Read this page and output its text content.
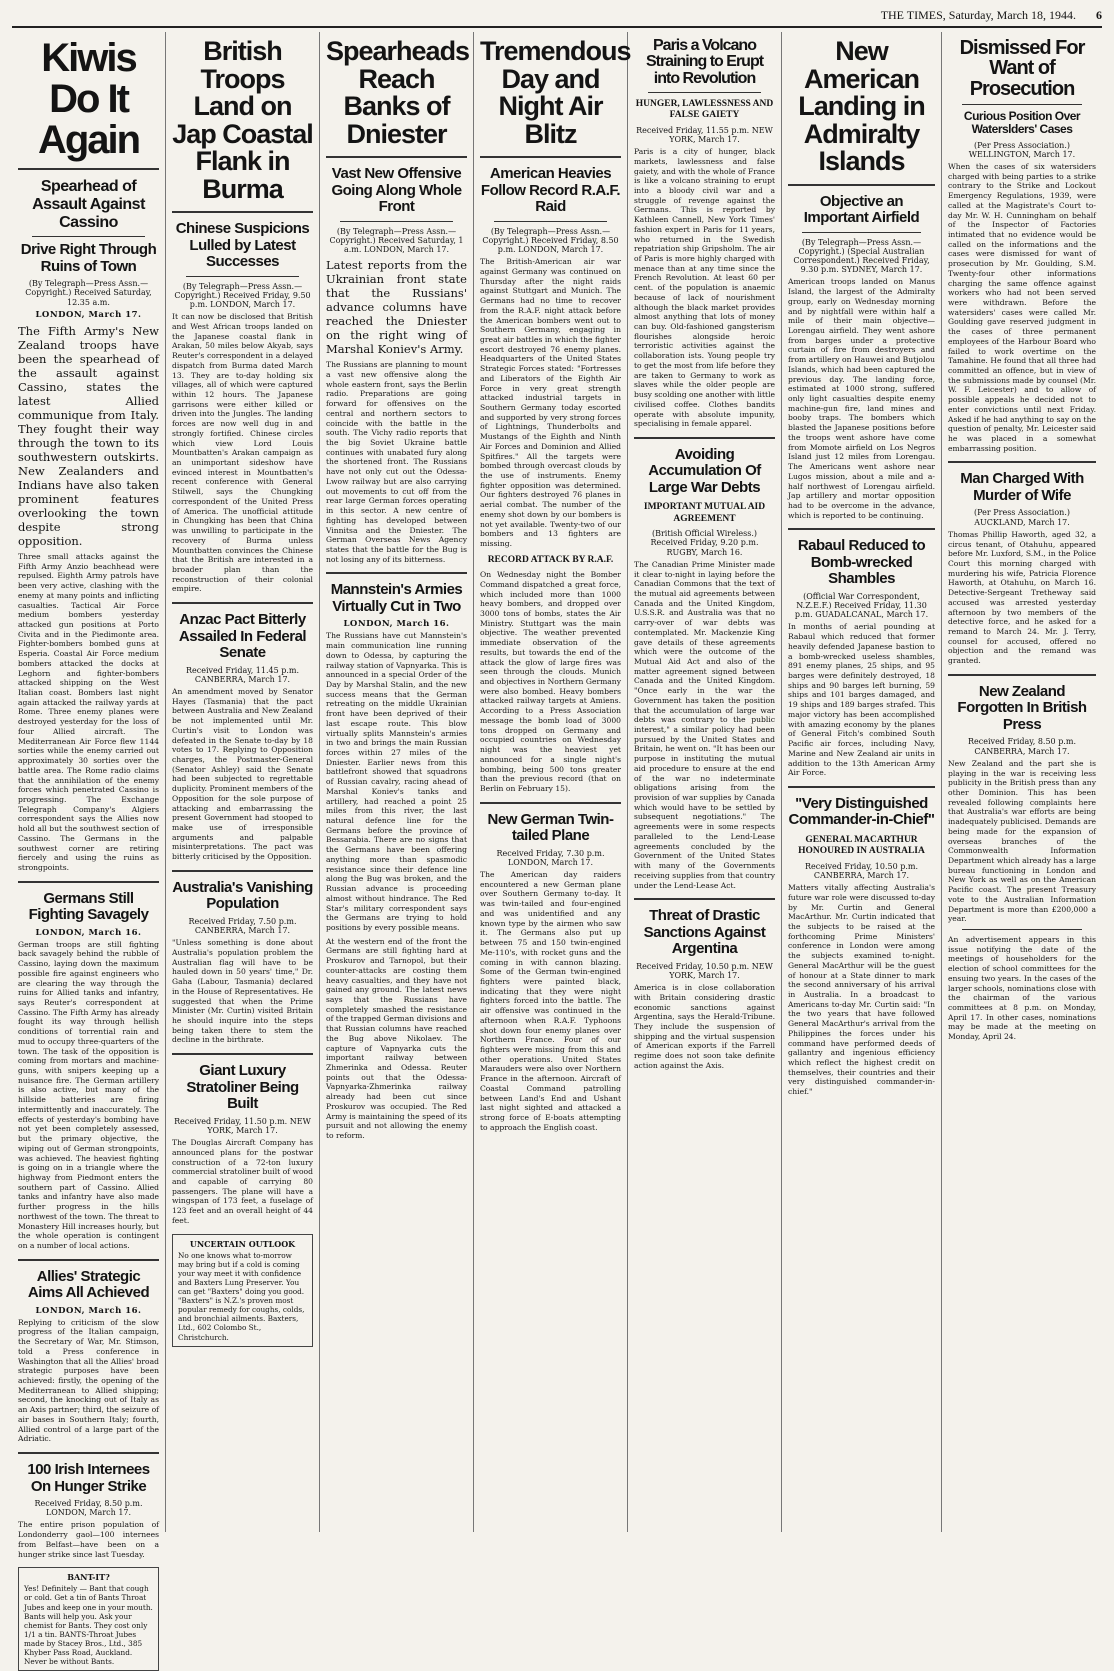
THE TIMES, Saturday, March 18, 1944. 6
Kiwis Do It Again
Spearhead of Assault Against Cassino
Drive Right Through Ruins of Town
(By Telegraph—Press Assn.—Copyright.) Received Saturday, 12.35 a.m.
LONDON, March 17.
The Fifth Army's New Zealand troops have been the spearhead of the assault against Cassino, states the latest Allied communique from Italy. They fought their way through the town to its southwestern outskirts. New Zealanders and Indians have also taken prominent features overlooking the town despite strong opposition.
Three small attacks against the Fifth Army Anzio beachhead were repulsed. Eighth Army patrols have been very active, clashing with the enemy at many points and inflicting casualties. Tactical Air Force medium bombers yesterday attacked gun positions at Porto Civita and in the Piedimonte area. Fighter-bombers bombed guns at Esperia. Coastal Air Force medium bombers attacked the docks at Leghorn and fighter-bombers attacked shipping on the West Italian coast. Bombers last night again attacked the railway yards at Rome. Three enemy planes were destroyed yesterday for the loss of four Allied aircraft. The Mediterranean Air Force flew 1144 sorties while the enemy carried out approximately 30 sorties over the battle area. The Rome radio claims that the annihilation of the enemy forces which penetrated Cassino is progressing. The Exchange Telegraph Company's Algiers correspondent says the Allies now hold all but the southwest section of Cassino. The Germans in the southwest corner are retiring fiercely and using the ruins as strongpoints.
Germans Still Fighting Savagely
LONDON, March 16.
German troops are still fighting back savagely behind the rubble of Cassino, laying down the maximum possible fire against engineers who are clearing the way through the ruins for Allied tanks and infantry, says Reuter's correspondent at Cassino. The Fifth Army has already fought its way through hellish conditions of torrential rain and mud to occupy three-quarters of the town. The task of the opposition is coming from mortars and machine-guns, with snipers keeping up a nuisance fire. The German artillery is also active, but many of the hillside batteries are firing intermittently and inaccurately. The effects of yesterday's bombing have not yet been completely assessed, but the primary objective, the wiping out of German strongpoints, was achieved. The heaviest fighting is going on in a triangle where the highway from Piedmont enters the southern part of Cassino. Allied tanks and infantry have also made further progress in the hills northwest of the town. The threat to Monastery Hill increases hourly, but the whole operation is contingent on a number of local actions.
Allies' Strategic Aims All Achieved
LONDON, March 16.
Replying to criticism of the slow progress of the Italian campaign, the Secretary of War, Mr. Stimson, told a Press conference in Washington that all the Allies' broad strategic purposes have been achieved: firstly, the opening of the Mediterranean to Allied shipping; second, the knocking out of Italy as an Axis partner; third, the seizure of air bases in Southern Italy; fourth, Allied control of a large part of the Adriatic.
100 Irish Internees On Hunger Strike
Received Friday, 8.50 p.m. LONDON, March 17.
The entire prison population of Londonderry gaol—100 internees from Belfast—have been on a hunger strike since last Tuesday.
BANT-IT?
Yes! Definitely — Bant that cough or cold. Get a tin of Bants Throat Jubes and keep one in your mouth. Bants will help you. Ask your chemist for Bants. They cost only 1/1 a tin. BANTS-Throat Jubes made by Stacey Bros., Ltd., 385 Khyber Pass Road, Auckland. Never be without Bants.
British Troops Land on Jap Coastal Flank in Burma
Chinese Suspicions Lulled by Latest Successes
(By Telegraph—Press Assn.—Copyright.) Received Friday, 9.50 p.m. LONDON, March 17.
It can now be disclosed that British and West African troops landed on the Japanese coastal flank in Arakan, 50 miles below Akyab, says Reuter's correspondent in a delayed dispatch from Burma dated March 13. They are to-day holding six villages, all of which were captured within 12 hours. The Japanese garrisons were either killed or driven into the Jungles. The landing forces are now well dug in and strongly fortified. Chinese circles which view Lord Louis Mountbatten's Arakan campaign as an unimportant sideshow have evinced interest in Mountbatten's recent conference with General Stilwell, says the Chungking correspondent of the United Press of America. The unofficial attitude in Chungking has been that China was unwilling to participate in the recovery of Burma unless Mountbatten convinces the Chinese that the British are interested in a broader plan than the reconstruction of their colonial empire.
Anzac Pact Bitterly Assailed In Federal Senate
Received Friday, 11.45 p.m. CANBERRA, March 17.
An amendment moved by Senator Hayes (Tasmania) that the pact between Australia and New Zealand be not implemented until Mr. Curtin's visit to London was defeated in the Senate to-day by 18 votes to 17. Replying to Opposition charges, the Postmaster-General (Senator Ashley) said the Senate had been subjected to regrettable duplicity. Prominent members of the Opposition for the sole purpose of attacking and embarrassing the present Government had stooped to make use of irresponsible arguments and palpable misinterpretations. The pact was bitterly criticised by the Opposition.
Australia's Vanishing Population
Received Friday, 7.50 p.m. CANBERRA, March 17.
"Unless something is done about Australia's population problem the Australian flag will have to be hauled down in 50 years' time," Dr. Gaha (Labour, Tasmania) declared in the House of Representatives. He suggested that when the Prime Minister (Mr. Curtin) visited Britain he should inquire into the steps being taken there to stem the decline in the birthrate.
Giant Luxury Stratoliner Being Built
Received Friday, 11.50 p.m. NEW YORK, March 17.
The Douglas Aircraft Company has announced plans for the postwar construction of a 72-ton luxury commercial stratoliner built of wood and capable of carrying 80 passengers. The plane will have a wingspan of 173 feet, a fuselage of 123 feet and an overall height of 44 feet.
UNCERTAIN OUTLOOK
No one knows what to-morrow may bring but if a cold is coming your way meet it with confidence and Baxters Lung Preserver. You can get "Baxters" doing you good. "Baxters" is N.Z.'s proven most popular remedy for coughs, colds, and bronchial ailments. Baxters, Ltd., 602 Colombo St., Christchurch.
Spearheads Reach Banks of Dniester
Vast New Offensive Going Along Whole Front
(By Telegraph—Press Assn.—Copyright.) Received Saturday, 1 a.m. LONDON, March 17.
Latest reports from the Ukrainian front state that the Russians' advance columns have reached the Dniester on the right wing of Marshal Koniev's Army.
The Russians are planning to mount a vast new offensive along the whole eastern front, says the Berlin radio. Preparations are going forward for offensives on the central and northern sectors to coincide with the battle in the south. The Vichy radio reports that the big Soviet Ukraine battle continues with unabated fury along the shortened front. The Russians have not only cut out the Odessa-Lwow railway but are also carrying out movements to cut off from the rear large German forces operating in this sector. A new centre of fighting has developed between Vinnitsa and the Dniester. The German Overseas News Agency states that the battle for the Bug is not losing any of its bitterness.
Mannstein's Armies Virtually Cut in Two
LONDON, March 16.
The Russians have cut Mannstein's main communication line running down to Odessa, by capturing the railway station of Vapnyarka. This is announced in a special Order of the Day by Marshal Stalin, and the new success means that the German retreating on the middle Ukrainian front have been deprived of their last escape route. This blow virtually splits Mannstein's armies in two and brings the main Russian forces within 27 miles of the Dniester. Earlier news from this battlefront showed that squadrons of Russian cavalry, racing ahead of Marshal Koniev's tanks and artillery, had reached a point 25 miles from this river, the last natural defence line for the Germans before the province of Bessarabia. There are no signs that the Germans have been offering anything more than spasmodic resistance since their defence line along the Bug was broken, and the Russian advance is proceeding almost without hindrance. The Red Star's military correspondent says the Germans are trying to hold positions by every possible means.
At the western end of the front the Germans are still fighting hard at Proskurov and Tarnopol, but their counter-attacks are costing them heavy casualties, and they have not gained any ground. The latest news says that the Russians have completely smashed the resistance of the trapped German divisions and that Russian columns have reached the Bug above Nikolaev. The capture of Vapnyarka cuts the important railway between Zhmerinka and Odessa. Reuter points out that the Odessa-Vapnyarka-Zhmerinka railway already had been cut since Proskurov was occupied. The Red Army is maintaining the speed of its pursuit and not allowing the enemy to reform.
Tremendous Day and Night Air Blitz
American Heavies Follow Record R.A.F. Raid
(By Telegraph—Press Assn.—Copyright.) Received Friday, 8.50 p.m. LONDON, March 17.
The British-American air war against Germany was continued on Thursday after the night raids against Stuttgart and Munich. The Germans had no time to recover from the R.A.F. night attack before the American bombers went out to Southern Germany, engaging in great air battles in which the fighter escort destroyed 76 enemy planes. Headquarters of the United States Strategic Forces stated: "Fortresses and Liberators of the Eighth Air Force in very great strength attacked industrial targets in Southern Germany today escorted and supported by very strong forces of Lightnings, Thunderbolts and Mustangs of the Eighth and Ninth Air Forces and Dominion and Allied Spitfires." All the targets were bombed through overcast clouds by the use of instruments. Enemy fighter opposition was determined. Our fighters destroyed 76 planes in aerial combat. The number of the enemy shot down by our bombers is not yet available. Twenty-two of our bombers and 13 fighters are missing.
RECORD ATTACK BY R.A.F.
On Wednesday night the Bomber Command dispatched a great force, which included more than 1000 heavy bombers, and dropped over 3000 tons of bombs, states the Air Ministry. Stuttgart was the main objective. The weather prevented immediate observation of the results, but towards the end of the attack the glow of large fires was seen through the clouds. Munich and objectives in Northern Germany were also bombed. Heavy bombers attacked railway targets at Amiens. According to a Press Association message the bomb load of 3000 tons dropped on Germany and occupied countries on Wednesday night was the heaviest yet announced for a single night's bombing, being 500 tons greater than the previous record (that on Berlin on February 15).
New German Twin-tailed Plane
Received Friday, 7.30 p.m. LONDON, March 17.
The American day raiders encountered a new German plane over Southern Germany to-day. It was twin-tailed and four-engined and was unidentified and any known type by the airmen who saw it. The Germans also put up between 75 and 150 twin-engined Me-110's, with rocket guns and the coming in with cannon blazing. Some of the German twin-engined fighters were painted black, indicating that they were night fighters forced into the battle. The air offensive was continued in the afternoon when R.A.F. Typhoons shot down four enemy planes over Northern France. Four of our fighters were missing from this and other operations. United States Marauders were also over Northern France in the afternoon. Aircraft of Coastal Command patrolling between Land's End and Ushant last night sighted and attacked a strong force of E-boats attempting to approach the English coast.
Paris a Volcano Straining to Erupt into Revolution
HUNGER, LAWLESSNESS AND FALSE GAIETY
Received Friday, 11.55 p.m. NEW YORK, March 17.
Paris is a city of hunger, black markets, lawlessness and false gaiety, and with the whole of France is like a volcano straining to erupt into a bloody civil war and a struggle of revenge against the Germans. This is reported by Kathleen Cannell, New York Times' fashion expert in Paris for 11 years, who returned in the Swedish repatriation ship Gripsholm. The air of Paris is more highly charged with menace than at any time since the French Revolution. At least 60 per cent. of the population is anaemic because of lack of nourishment although the black market provides almost anything that lots of money can buy. Old-fashioned gangsterism flourishes alongside heroic terroristic activities against the collaboration ists. Young people try to get the most from life before they are taken to Germany to work as slaves while the older people are busy scolding one another with little civilised coffee. Clothes bandits operate with absolute impunity, specialising in female apparel.
Avoiding Accumulation Of Large War Debts
IMPORTANT MUTUAL AID AGREEMENT
(British Official Wireless.) Received Friday, 9.20 p.m. RUGBY, March 16.
The Canadian Prime Minister made it clear to-night in laying before the Canadian Commons that the text of the mutual aid agreements between Canada and the United Kingdom, U.S.S.R. and Australia was that no carry-over of war debts was contemplated. Mr. Mackenzie King gave details of these agreements which were the outcome of the Mutual Aid Act and also of the matter agreement signed between Canada and the United Kingdom. "Once early in the war the Government has taken the position that the accumulation of large war debts was contrary to the public interest," a similar policy had been pursued by the United States and Britain, he went on. "It has been our purpose in instituting the mutual aid procedure to ensure at the end of the war no indeterminate obligations arising from the provision of war supplies by Canada which would have to be settled by subsequent negotiations." The agreements were in some respects paralleled to the Lend-Lease agreements concluded by the Government of the United States with many of the Governments receiving supplies from that country under the Lend-Lease Act.
Threat of Drastic Sanctions Against Argentina
Received Friday, 10.50 p.m. NEW YORK, March 17.
America is in close collaboration with Britain considering drastic economic sanctions against Argentina, says the Herald-Tribune. They include the suspension of shipping and the virtual suspension of American exports if the Farrell regime does not soon take definite action against the Axis.
New American Landing in Admiralty Islands
Objective an Important Airfield
(By Telegraph—Press Assn.—Copyright.) (Special Australian Correspondent.) Received Friday, 9.30 p.m. SYDNEY, March 17.
American troops landed on Manus Island, the largest of the Admiralty group, early on Wednesday morning and by nightfall were within half a mile of their main objective—Lorengau airfield. They went ashore from barges under a protective curtain of fire from destroyers and from artillery on Hauwei and Butjolou Islands, which had been captured the previous day. The landing force, estimated at 1000 strong, suffered only light casualties despite enemy machine-gun fire, land mines and booby traps. The bombers which blasted the Japanese positions before the troops went ashore have come from Momote airfield on Los Negros Island just 12 miles from Lorengau. The Americans went ashore near Lugos mission, about a mile and a-half northwest of Lorengau airfield. Jap artillery and mortar opposition had to be overcome in the advance, which is reported to be continuing.
Rabaul Reduced to Bomb-wrecked Shambles
(Official War Correspondent, N.Z.E.F.) Received Friday, 11.30 p.m. GUADALCANAL, March 17.
In months of aerial pounding at Rabaul which reduced that former heavily defended Japanese bastion to a bomb-wrecked useless shambles, 891 enemy planes, 25 ships, and 95 barges were definitely destroyed, 18 ships and 90 barges left burning, 59 ships and 101 barges damaged, and 19 ships and 189 barges strafed. This major victory has been accomplished with amazing economy by the planes of General Fitch's combined South Pacific air forces, including Navy, Marine and New Zealand air units in addition to the 13th American Army Air Force.
"Very Distinguished Commander-in-Chief"
GENERAL MACARTHUR HONOURED IN AUSTRALIA
Received Friday, 10.50 p.m. CANBERRA, March 17.
Matters vitally affecting Australia's future war role were discussed to-day by Mr. Curtin and General MacArthur. Mr. Curtin indicated that the subjects to be raised at the forthcoming Prime Ministers' conference in London were among the subjects examined to-night. General MacArthur will be the guest of honour at a State dinner to mark the second anniversary of his arrival in Australia. In a broadcast to Americans to-day Mr. Curtin said: "In the two years that have followed General MacArthur's arrival from the Philippines the forces under his command have performed deeds of gallantry and ingenious efficiency which reflect the highest credit on themselves, their countries and their very distinguished commander-in-chief."
Dismissed For Want of Prosecution
Curious Position Over Waterslders' Cases
(Per Press Association.) WELLINGTON, March 17.
When the cases of six watersiders charged with being parties to a strike contrary to the Strike and Lockout Emergency Regulations, 1939, were called at the Magistrate's Court to-day Mr. W. H. Cunningham on behalf of the Inspector of Factories intimated that no evidence would be called on the informations and the cases were dismissed for want of prosecution by Mr. Goulding, S.M. Twenty-four other informations charging the same offence against workers who had not been served were withdrawn. Before the watersiders' cases were called Mr. Goulding gave reserved judgment in the cases of three permanent employees of the Harbour Board who failed to work overtime on the Tamahine. He found that all three had committed an offence, but in view of the submissions made by counsel (Mr. W. F. Leicester) and to allow of possible appeals he decided not to enter convictions until next Friday. Asked if he had anything to say on the question of penalty, Mr. Leicester said he was placed in a somewhat embarrassing position.
Man Charged With Murder of Wife
(Per Press Association.) AUCKLAND, March 17.
Thomas Phillip Haworth, aged 32, a circus tenant, of Otahuhu, appeared before Mr. Luxford, S.M., in the Police Court this morning charged with murdering his wife, Patricia Florence Haworth, at Otahuhu, on March 16. Detective-Sergeant Tretheway said accused was arrested yesterday afternoon by two members of the detective force, and he asked for a remand to March 24. Mr. J. Terry, counsel for accused, offered no objection and the remand was granted.
New Zealand Forgotten In British Press
Received Friday, 8.50 p.m. CANBERRA, March 17.
New Zealand and the part she is playing in the war is receiving less publicity in the British press than any other Dominion. This has been revealed following complaints here that Australia's war efforts are being inadequately publicised. Demands are being made for the expansion of overseas branches of the Commonwealth Information Department which already has a large bureau functioning in London and New York as well as on the American Pacific coast. The present Treasury vote to the Australian Information Department is more than £200,000 a year.
An advertisement appears in this issue notifying the date of the meetings of householders for the election of school committees for the ensuing two years. In the cases of the larger schools, nominations close with the chairman of the various committees at 8 p.m. on Monday, April 17. In other cases, nominations may be made at the meeting on Monday, April 24.
